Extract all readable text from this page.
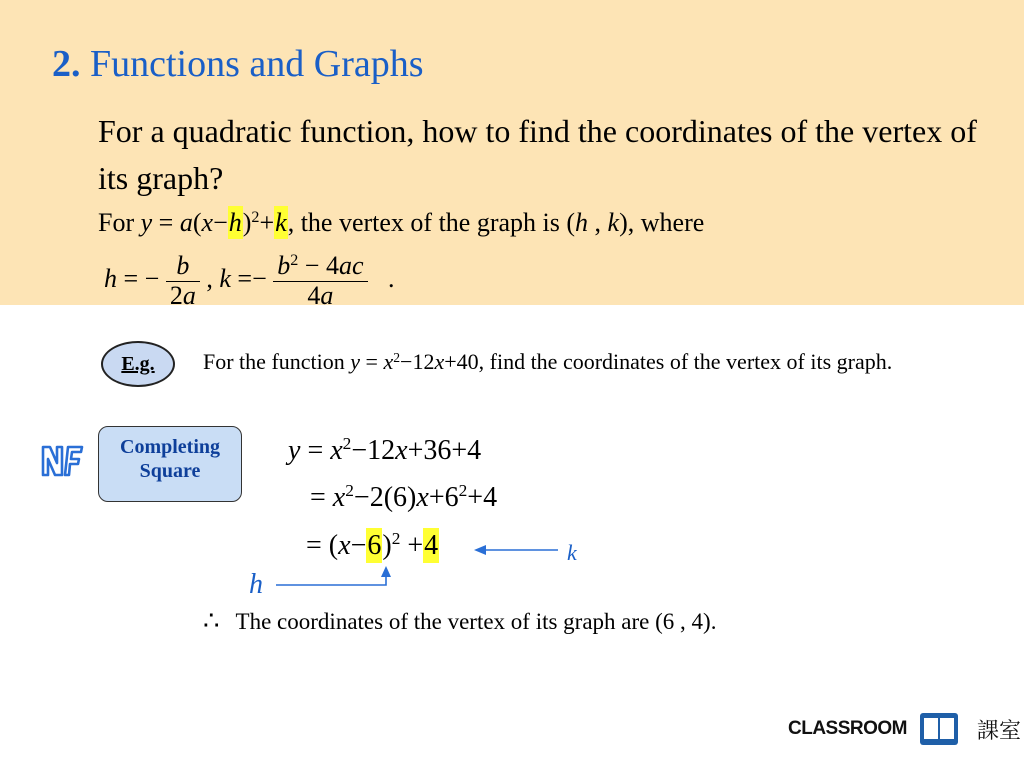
2. Functions and Graphs
For a quadratic function, how to find the coordinates of the vertex of its graph?
For $y = a(x-h)^2+k$, the vertex of the graph is (h , k), where
h = − $\frac{b}{2a}$ , $k =- \frac{b^2 - 4ac}{4a}$ .
E.g.	For the function $y = x^2-12x+40$, find the coordinates of the vertex of its graph.
Completing
Square
$y = x^2-12x+36+4$
= $x^2-2(6)x+6^2+4$
= $(x-6)^2 +4$	k
h
∴ The coordinates of the vertex of its graph are (6 , 4).
CLASSROOM	課室
